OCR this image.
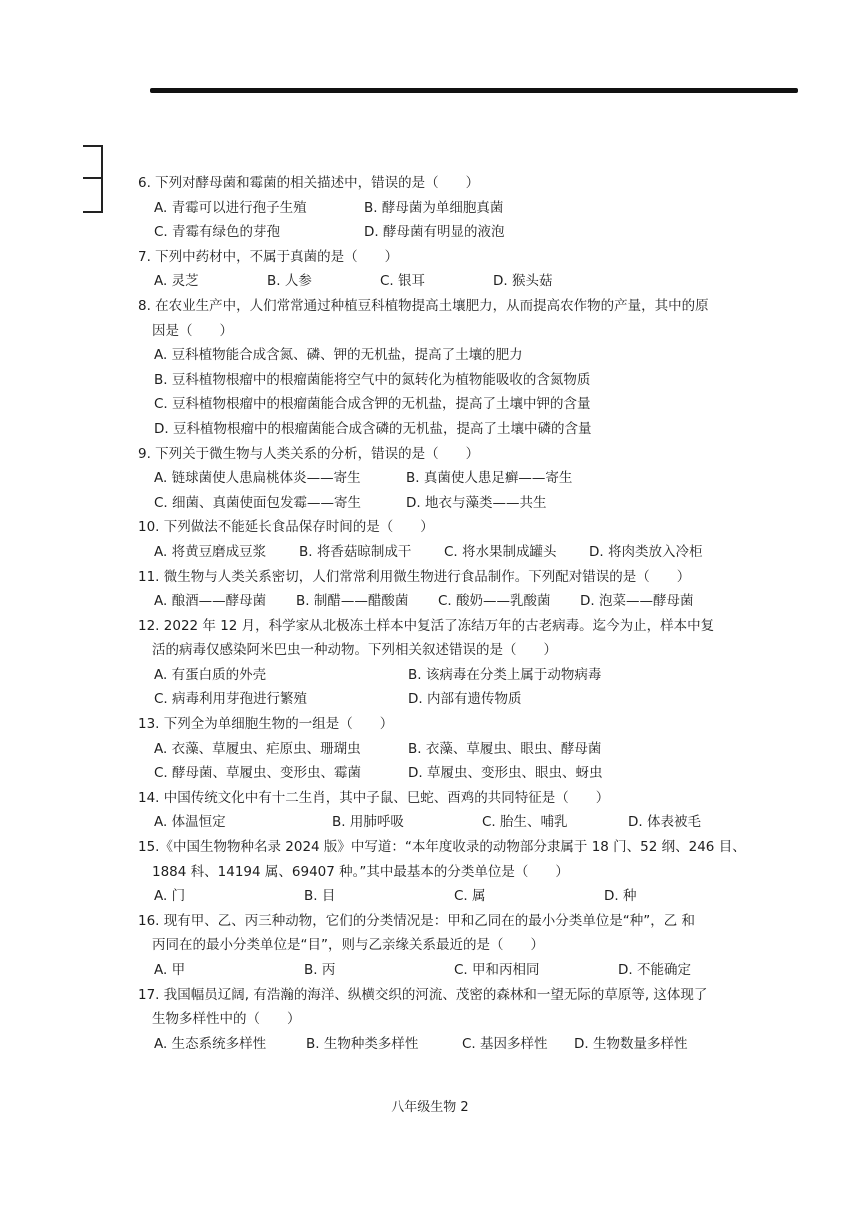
6. 下列对酵母菌和霉菌的相关描述中，错误的是（　　）

A. 青霉可以进行孢子生殖	B. 酵母菌为单细胞真菌
C. 青霉有绿色的芽孢	D. 酵母菌有明显的液泡

7. 下列中药材中，不属于真菌的是（　　）

A. 灵芝	B. 人参	C. 银耳	D. 猴头菇

8. 在农业生产中，人们常常通过种植豆科植物提高土壤肥力，从而提高农作物的产量，其中的原

因是（　　）

A. 豆科植物能合成含氮、磷、钾的无机盐，提高了土壤的肥力
B. 豆科植物根瘤中的根瘤菌能将空气中的氮转化为植物能吸收的含氮物质
C. 豆科植物根瘤中的根瘤菌能合成含钾的无机盐，提高了土壤中钾的含量
D. 豆科植物根瘤中的根瘤菌能合成含磷的无机盐，提高了土壤中磷的含量

9. 下列关于微生物与人类关系的分析，错误的是（　　）

A. 链球菌使人患扁桃体炎——寄生	B. 真菌使人患足癣——寄生
C. 细菌、真菌使面包发霉——寄生	D. 地衣与藻类——共生

10. 下列做法不能延长食品保存时间的是（　　）

A. 将黄豆磨成豆浆	B. 将香菇晾制成干	C. 将水果制成罐头	D. 将肉类放入冷柜

11. 微生物与人类关系密切，人们常常利用微生物进行食品制作。下列配对错误的是（　　）

A. 酿酒——酵母菌	B. 制醋——醋酸菌	C. 酸奶——乳酸菌	D. 泡菜——酵母菌

12. 2022 年 12 月，科学家从北极冻土样本中复活了冻结万年的古老病毒。迄今为止，样本中复

活的病毒仅感染阿米巴虫一种动物。下列相关叙述错误的是（　　）

A. 有蛋白质的外壳	B. 该病毒在分类上属于动物病毒
C. 病毒利用芽孢进行繁殖	D. 内部有遗传物质

13. 下列全为单细胞生物的一组是（　　）

A. 衣藻、草履虫、疟原虫、珊瑚虫	B. 衣藻、草履虫、眼虫、酵母菌
C. 酵母菌、草履虫、变形虫、霉菌	D. 草履虫、变形虫、眼虫、蚜虫

14. 中国传统文化中有十二生肖，其中子鼠、巳蛇、酉鸡的共同特征是（　　）

A. 体温恒定	B. 用肺呼吸	C. 胎生、哺乳	D. 体表被毛

15.《中国生物物种名录 2024 版》中写道：“本年度收录的动物部分隶属于 18 门、52 纲、246 目、

1884 科、14194 属、69407 种。”其中最基本的分类单位是（　　）

A. 门	B. 目	C. 属	D. 种

16. 现有甲、乙、丙三种动物，它们的分类情况是：甲和乙同在的最小分类单位是“种”，乙 和

丙同在的最小分类单位是“目”，则与乙亲缘关系最近的是（　　）

A. 甲	B. 丙	C. 甲和丙相同	D. 不能确定

17. 我国幅员辽阔, 有浩瀚的海洋、纵横交织的河流、茂密的森林和一望无际的草原等, 这体现了

生物多样性中的（　　）

A. 生态系统多样性	B. 生物种类多样性	C. 基因多样性	D. 生物数量多样性
八年级生物 2
